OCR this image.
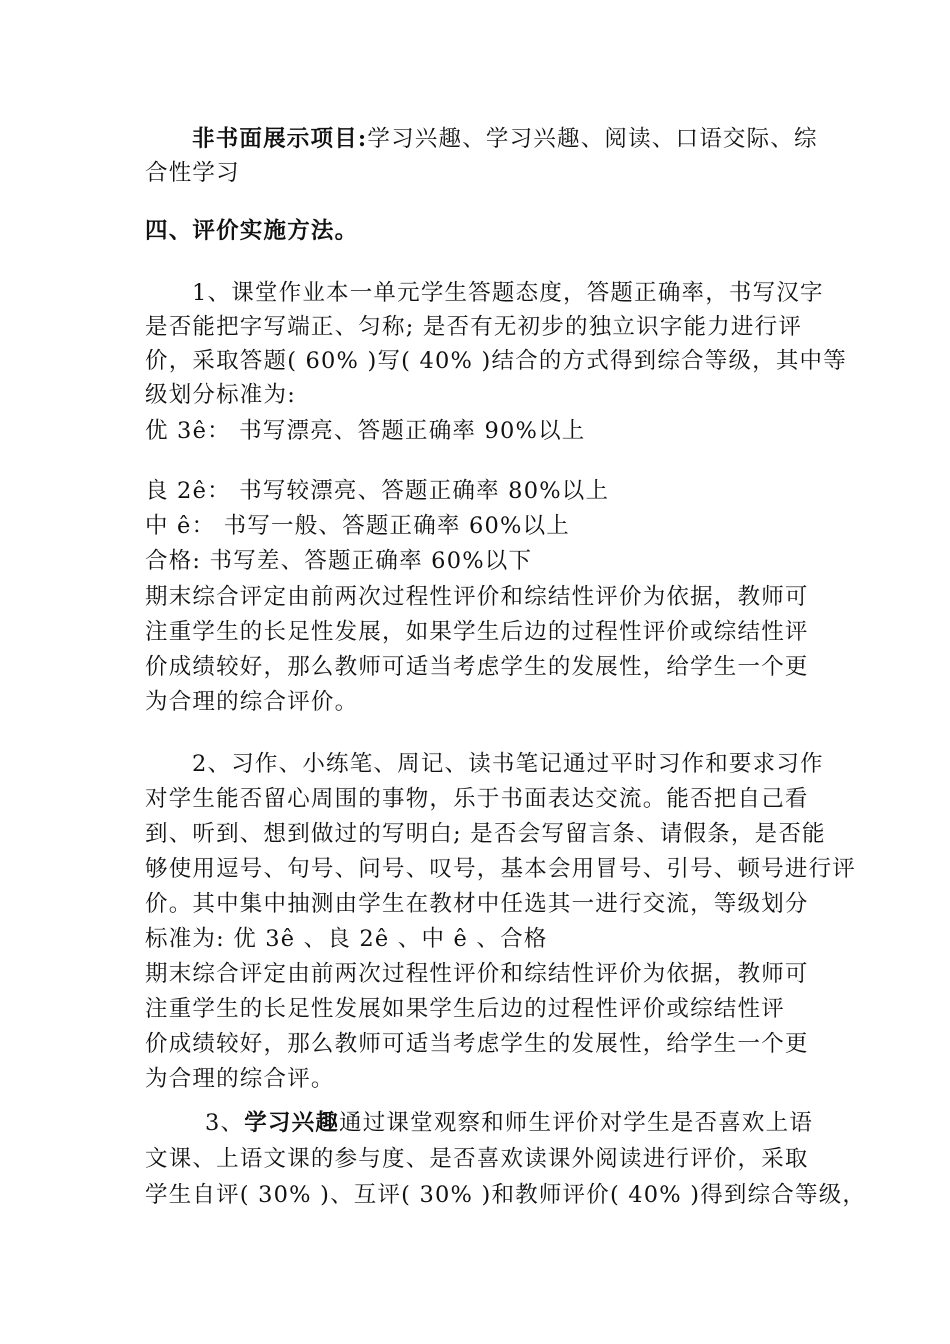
非书面展示项目:学习兴趣、学习兴趣、阅读、口语交际、综
合性学习
四、评价实施方法。
1、课堂作业本一单元学生答题态度，答题正确率，书写汉字
是否能把字写端正、匀称; 是否有无初步的独立识字能力进行评
价，采取答题( 60% )写( 40% )结合的方式得到综合等级，其中等
级划分标准为:
优 3ê： 书写漂亮、答题正确率 90%以上
良 2ê： 书写较漂亮、答题正确率 80%以上
中 ê： 书写一般、答题正确率 60%以上
合格: 书写差、答题正确率 60%以下
期末综合评定由前两次过程性评价和综结性评价为依据，教师可
注重学生的长足性发展，如果学生后边的过程性评价或综结性评
价成绩较好，那么教师可适当考虑学生的发展性，给学生一个更
为合理的综合评价。
2、习作、小练笔、周记、读书笔记通过平时习作和要求习作
对学生能否留心周围的事物，乐于书面表达交流。能否把自己看
到、听到、想到做过的写明白; 是否会写留言条、请假条，是否能
够使用逗号、句号、问号、叹号，基本会用冒号、引号、顿号进行评
价。其中集中抽测由学生在教材中任选其一进行交流，等级划分
标准为: 优 3ê 、良 2ê 、中 ê 、合格
期末综合评定由前两次过程性评价和综结性评价为依据，教师可
注重学生的长足性发展如果学生后边的过程性评价或综结性评
价成绩较好，那么教师可适当考虑学生的发展性，给学生一个更
为合理的综合评。
3、学习兴趣通过课堂观察和师生评价对学生是否喜欢上语
文课、上语文课的参与度、是否喜欢读课外阅读进行评价，采取
学生自评( 30% )、互评( 30% )和教师评价( 40% )得到综合等级，
